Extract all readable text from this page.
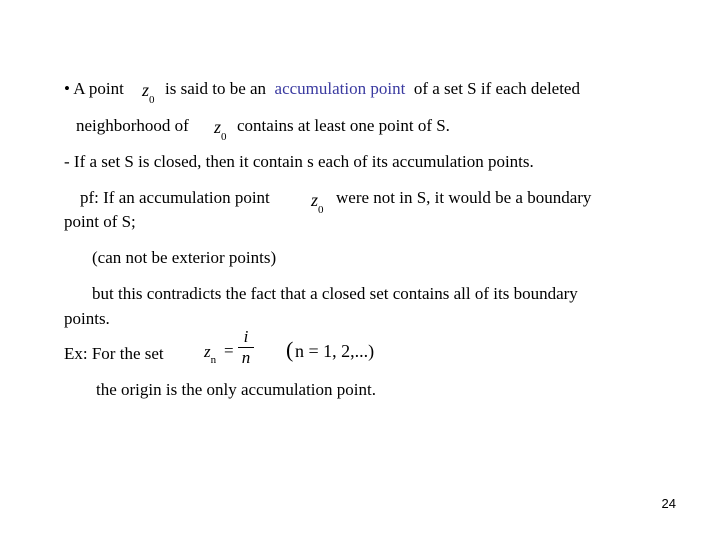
• A point $z_0$
is said to be an accumulation point of a set S if each deleted
neighborhood of $z_0$
contains at least one point of S.
- If a set S is closed, then it contain s each of its accumulation points.
pf: If an accumulation point $z_0$
were not in S, it would be a boundary
point of S;
(can not be exterior points)
but this contradicts the fact that a closed set contains all of its boundary
points.
Ex: For the set $z_n$
=
i
n ( n = 1, 2,...)
the origin is the only accumulation point.
24
